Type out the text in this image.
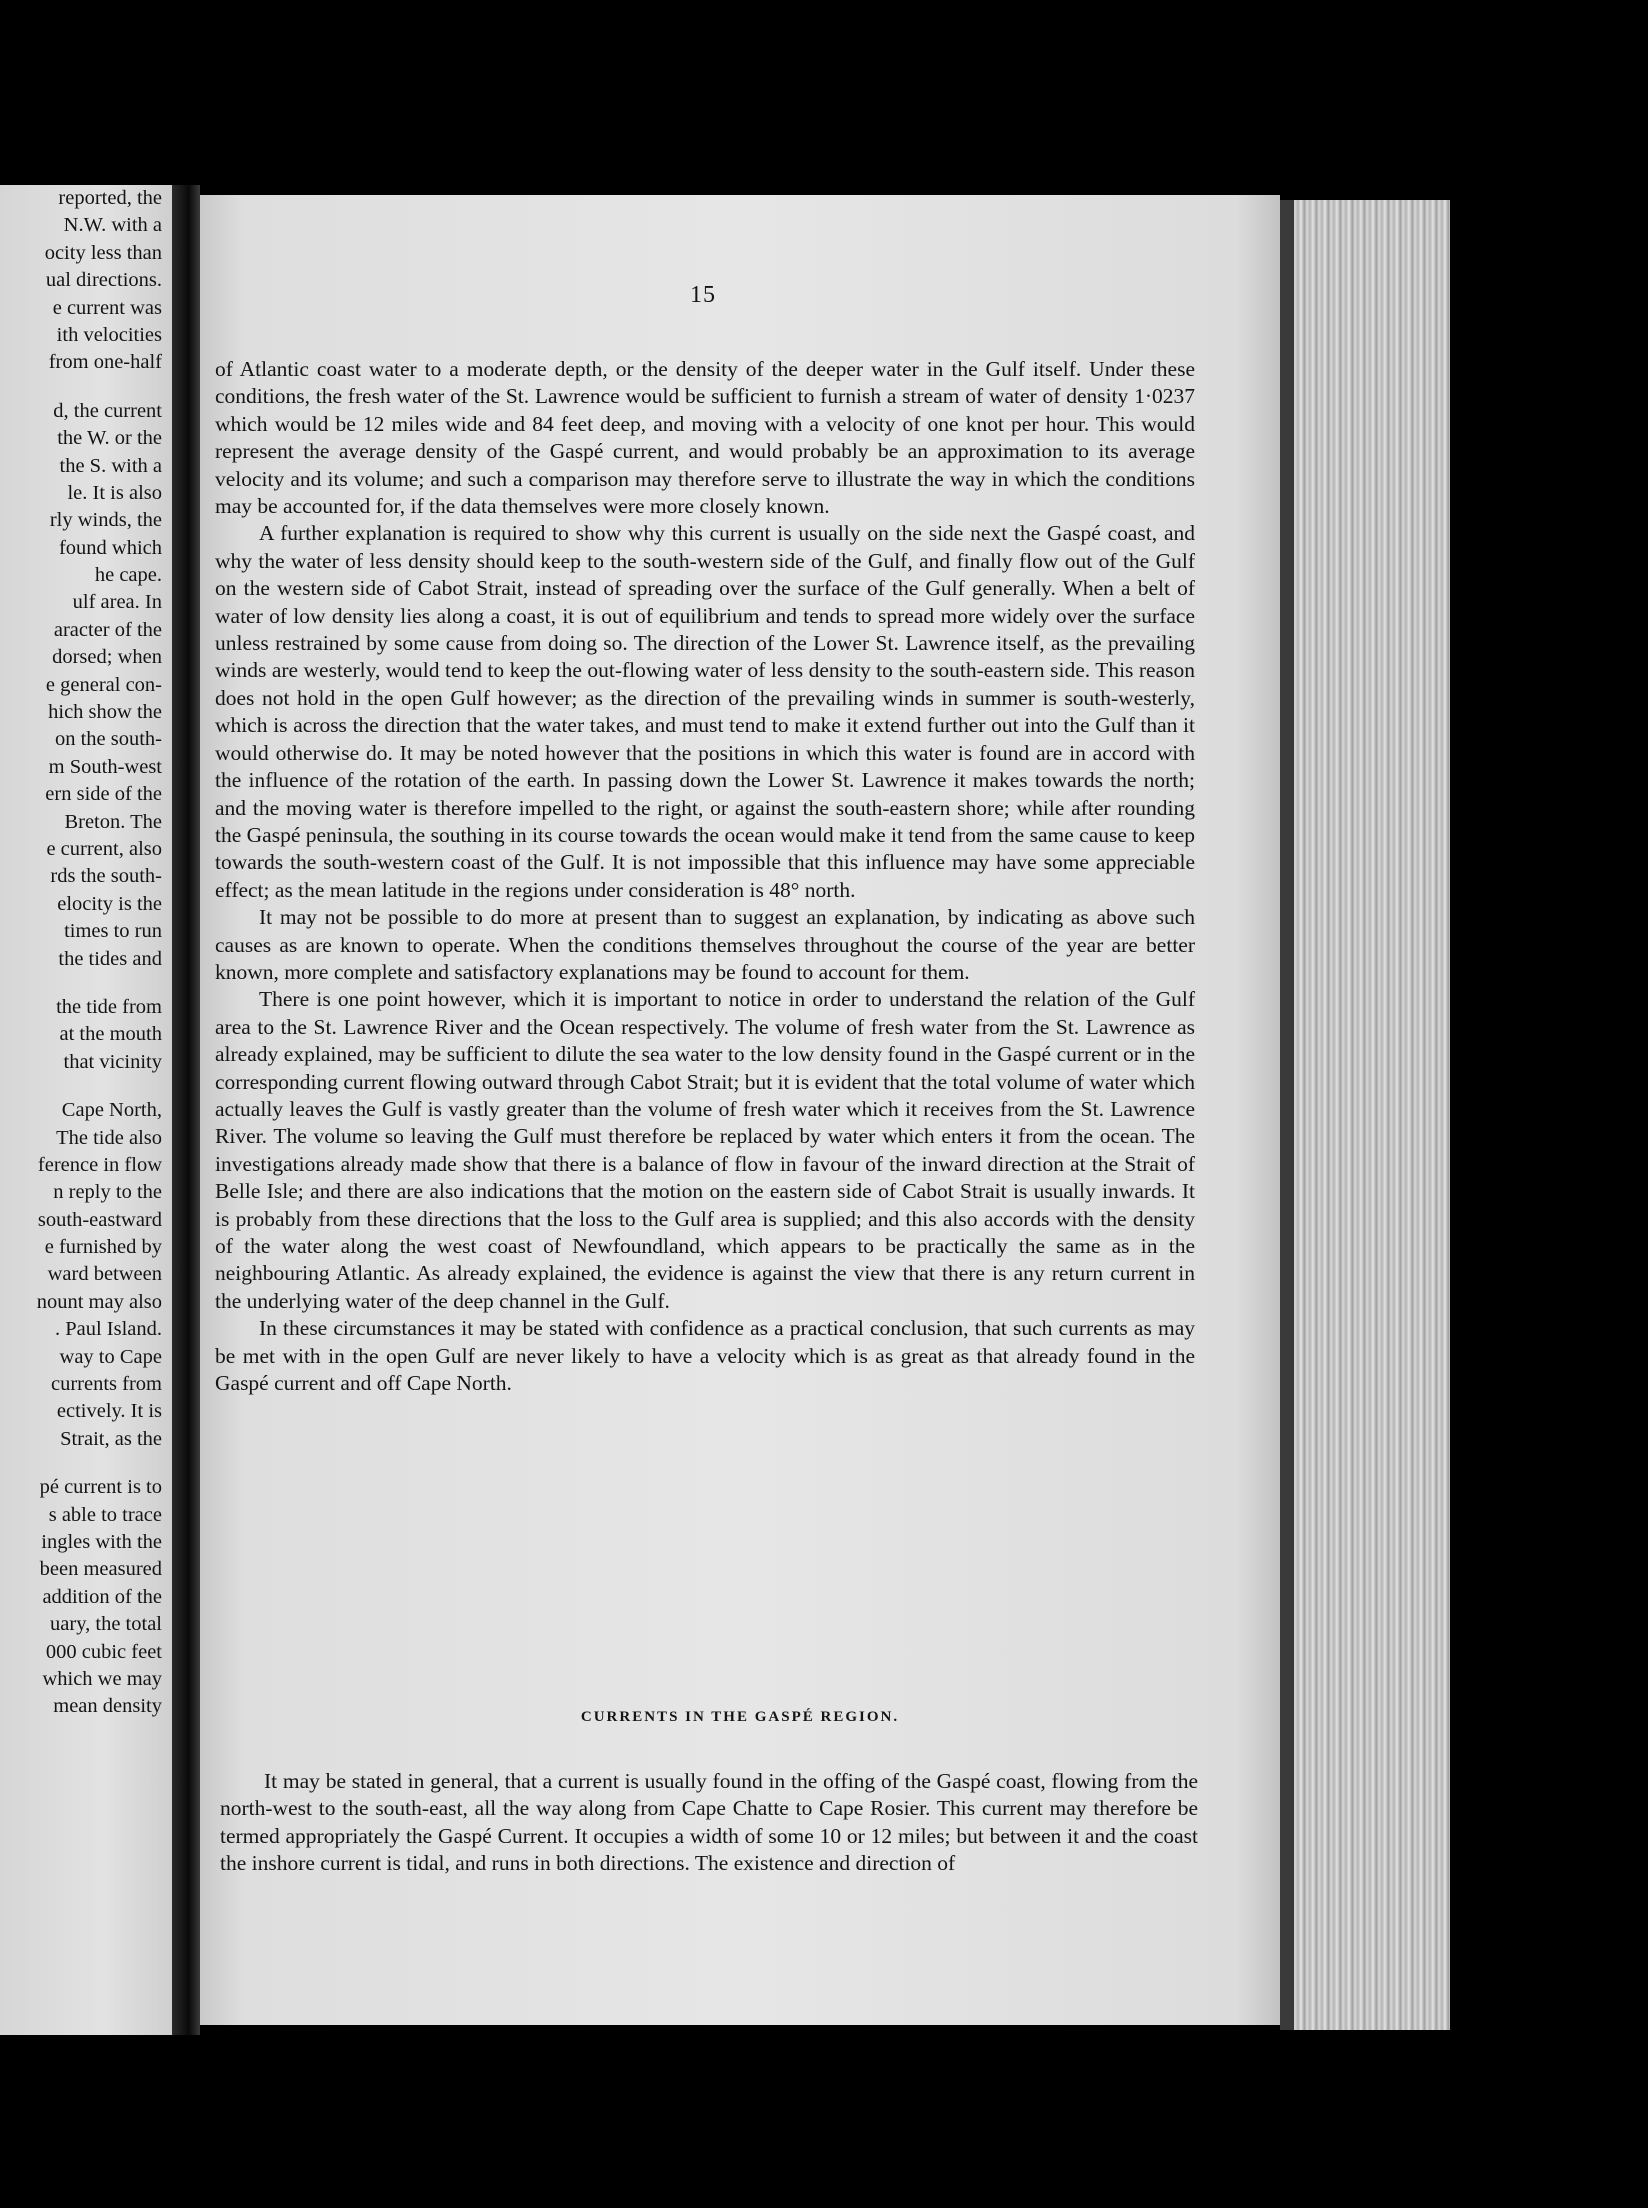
reported, the
N.W. with a
ocity less than
ual directions.
e current was
ith velocities
from one-half
d, the current
the W. or the
the S. with a
le. It is also
rly winds, the
found which
he cape.
ulf area. In
aracter of the
dorsed; when
e general con-
hich show the
on the south-
m South-west
ern side of the
Breton. The
e current, also
rds the south-
elocity is the
times to run
the tides and
the tide from
at the mouth
that vicinity
Cape North,
The tide also
ference in flow
n reply to the
south-eastward
e furnished by
ward between
nount may also
. Paul Island.
way to Cape
currents from
ectively. It is
Strait, as the
pé current is to
s able to trace
ingles with the
been measured
addition of the
uary, the total
000 cubic feet
which we may
mean density
15

of Atlantic coast water to a moderate depth, or the density of the deeper water in the Gulf itself. Under these conditions, the fresh water of the St. Lawrence would be sufficient to furnish a stream of water of density 1·0237 which would be 12 miles wide and 84 feet deep, and moving with a velocity of one knot per hour. This would represent the average density of the Gaspé current, and would probably be an approximation to its average velocity and its volume; and such a comparison may therefore serve to illustrate the way in which the conditions may be accounted for, if the data themselves were more closely known.

A further explanation is required to show why this current is usually on the side next the Gaspé coast, and why the water of less density should keep to the south-western side of the Gulf, and finally flow out of the Gulf on the western side of Cabot Strait, instead of spreading over the surface of the Gulf generally. When a belt of water of low density lies along a coast, it is out of equilibrium and tends to spread more widely over the surface unless restrained by some cause from doing so. The direction of the Lower St. Lawrence itself, as the prevailing winds are westerly, would tend to keep the out-flowing water of less density to the south-eastern side. This reason does not hold in the open Gulf however; as the direction of the prevailing winds in summer is south-westerly, which is across the direction that the water takes, and must tend to make it extend further out into the Gulf than it would otherwise do. It may be noted however that the positions in which this water is found are in accord with the influence of the rotation of the earth. In passing down the Lower St. Lawrence it makes towards the north; and the moving water is therefore impelled to the right, or against the south-eastern shore; while after rounding the Gaspé peninsula, the southing in its course towards the ocean would make it tend from the same cause to keep towards the south-western coast of the Gulf. It is not impossible that this influence may have some appreciable effect; as the mean latitude in the regions under consideration is 48° north.

It may not be possible to do more at present than to suggest an explanation, by indicating as above such causes as are known to operate. When the conditions themselves throughout the course of the year are better known, more complete and satisfactory explanations may be found to account for them.

There is one point however, which it is important to notice in order to understand the relation of the Gulf area to the St. Lawrence River and the Ocean respectively. The volume of fresh water from the St. Lawrence as already explained, may be sufficient to dilute the sea water to the low density found in the Gaspé current or in the corresponding current flowing outward through Cabot Strait; but it is evident that the total volume of water which actually leaves the Gulf is vastly greater than the volume of fresh water which it receives from the St. Lawrence River. The volume so leaving the Gulf must therefore be replaced by water which enters it from the ocean. The investigations already made show that there is a balance of flow in favour of the inward direction at the Strait of Belle Isle; and there are also indications that the motion on the eastern side of Cabot Strait is usually inwards. It is probably from these directions that the loss to the Gulf area is supplied; and this also accords with the density of the water along the west coast of Newfoundland, which appears to be practically the same as in the neighbouring Atlantic. As already explained, the evidence is against the view that there is any return current in the underlying water of the deep channel in the Gulf.

In these circumstances it may be stated with confidence as a practical conclusion, that such currents as may be met with in the open Gulf are never likely to have a velocity which is as great as that already found in the Gaspé current and off Cape North.

CURRENTS IN THE GASPÉ REGION.

It may be stated in general, that a current is usually found in the offing of the Gaspé coast, flowing from the north-west to the south-east, all the way along from Cape Chatte to Cape Rosier. This current may therefore be termed appropriately the Gaspé Current. It occupies a width of some 10 or 12 miles; but between it and the coast the inshore current is tidal, and runs in both directions. The existence and direction of
